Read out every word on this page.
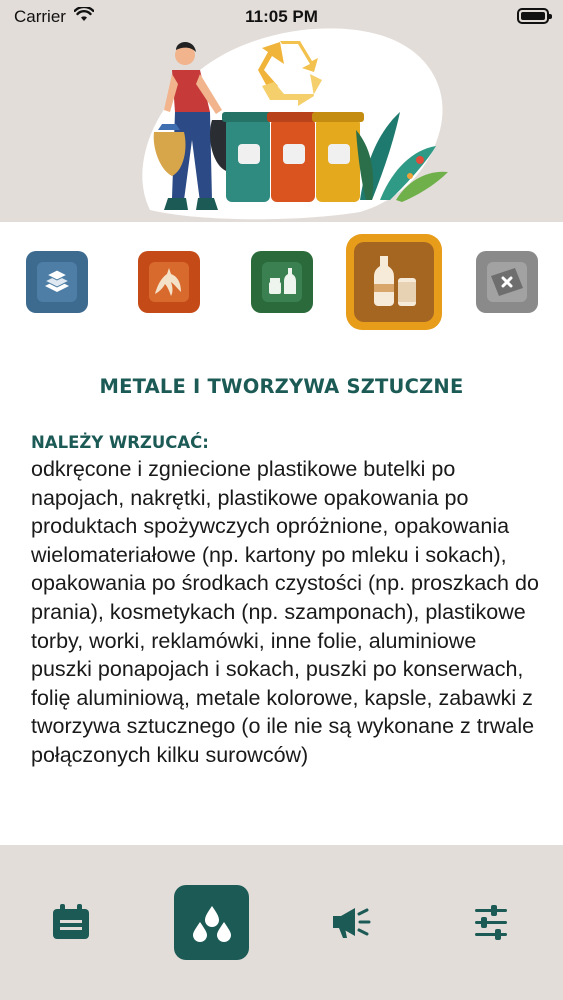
Carrier	11:05 PM
METALE I TWORZYWA SZTUCZNE
NALEŻY WRZUCAĆ:

odkręcone i zgniecione plastikowe butelki po napojach, nakrętki, plastikowe opakowania po produktach spożywczych opróżnione, opakowania wielomateriałowe (np. kartony po mleku i sokach), opakowania po środkach czystości (np. proszkach do prania), kosmetykach (np. szamponach), plastikowe torby, worki, reklamówki, inne folie, aluminiowe puszki ponapojach i sokach, puszki po konserwach, folię aluminiową, metale kolorowe, kapsle, zabawki z tworzywa sztucznego (o ile nie są wykonane z trwale połączonych kilku surowców)
